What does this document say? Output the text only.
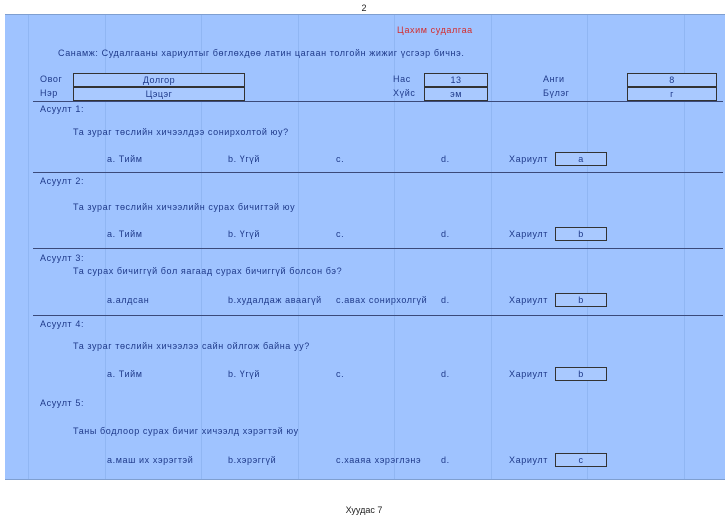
2
Цахим судалгаа
Санамж: Судалгааны хариултыг бөглөхдөө латин цагаан толгойн жижиг үсгээр бичнэ.
Овог	Долгор
Нэр	Цэцэг
Нас	13
Хүйс	эм
Анги	8
Бүлэг	г
Асуулт 1:
Та зураг төслийн хичээлдээ сонирхолтой юу?
a. Тийм	b. Үгүй	c.	d.	Хариулт	a
Асуулт 2:
Та зураг төслийн хичээлийн сурах бичигтэй юу
a. Тийм	b. Үгүй	c.	d.	Хариулт	b
Асуулт 3:
Та сурах бичиггүй бол яагаад сурах бичиггүй болсон бэ?
a.алдсан	b.худалдаж аваагүй c.авах сонирхолгүй d.	Хариулт	b
Асуулт 4:
Та зураг төслийн хичээлээ сайн ойлгож байна уу?
a. Тийм	b. Үгүй	c.	d.	Хариулт	b
Асуулт 5:
Таны бодлоор сурах бичиг хичээлд хэрэгтэй юу
a.маш их хэрэгтэй	b.хэрэггүй	c.хааяа хэрэглэнэ d.	Хариулт	c
Хуудас 7
